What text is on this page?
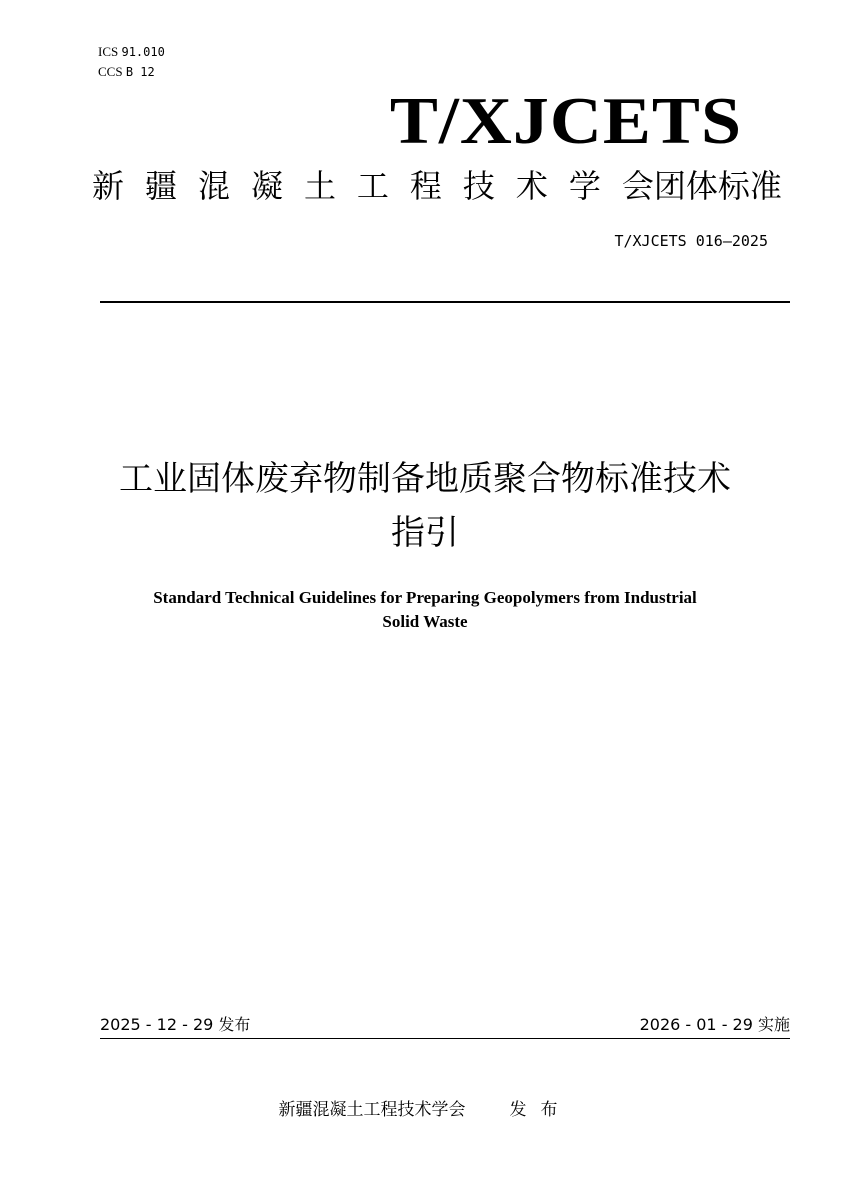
ICS 91.010
CCS B 12
T/XJCETS
新 疆 混 凝 土 工 程 技 术 学 会团体标准
T/XJCETS 016—2025
工业固体废弃物制备地质聚合物标准技术
指引
Standard Technical Guidelines for Preparing Geopolymers from Industrial
Solid Waste
2025 - 12 - 29 发布	2026 - 01 - 29 实施
新疆混凝土工程技术学会	发布
